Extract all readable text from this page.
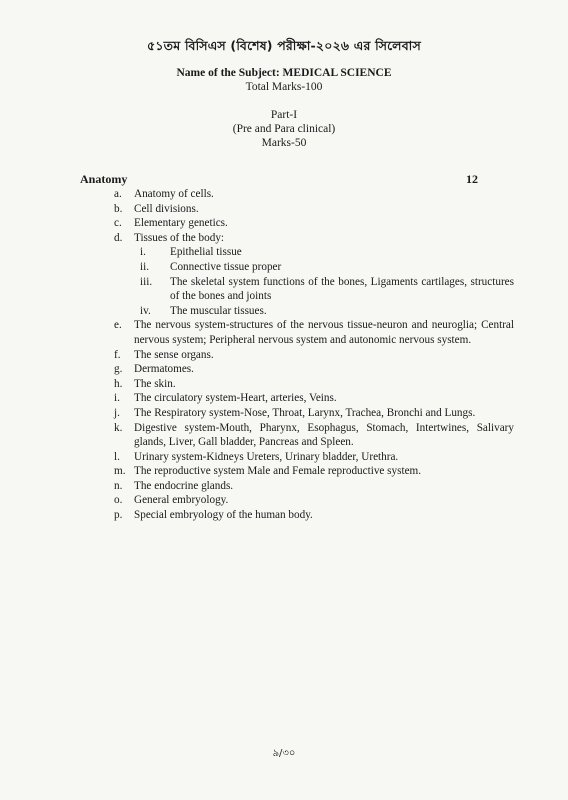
৫১তম বিসিএস (বিশেষ) পরীক্ষা-২০২৬ এর সিলেবাস
Name of the Subject: MEDICAL SCIENCE
Total Marks-100
Part-I
(Pre and Para clinical)
Marks-50
Anatomy	12
a.	Anatomy of cells.
b.	Cell divisions.
c.	Elementary genetics.
d.	Tissues of the body:
i.	Epithelial tissue
ii.	Connective tissue proper
iii.	The skeletal system functions of the bones, Ligaments cartilages, structures of the bones and joints
iv.	The muscular tissues.
e.	The nervous system-structures of the nervous tissue-neuron and neuroglia; Central nervous system; Peripheral nervous system and autonomic nervous system.
f.	The sense organs.
g.	Dermatomes.
h.	The skin.
i.	The circulatory system-Heart, arteries, Veins.
j.	The Respiratory system-Nose, Throat, Larynx, Trachea, Bronchi and Lungs.
k.	Digestive system-Mouth, Pharynx, Esophagus, Stomach, Intertwines, Salivary glands, Liver, Gall bladder, Pancreas and Spleen.
l.	Urinary system-Kidneys Ureters, Urinary bladder, Urethra.
m. The reproductive system Male and Female reproductive system.
n.	The endocrine glands.
o.	General embryology.
p.	Special embryology of the human body.
৯/৩০
